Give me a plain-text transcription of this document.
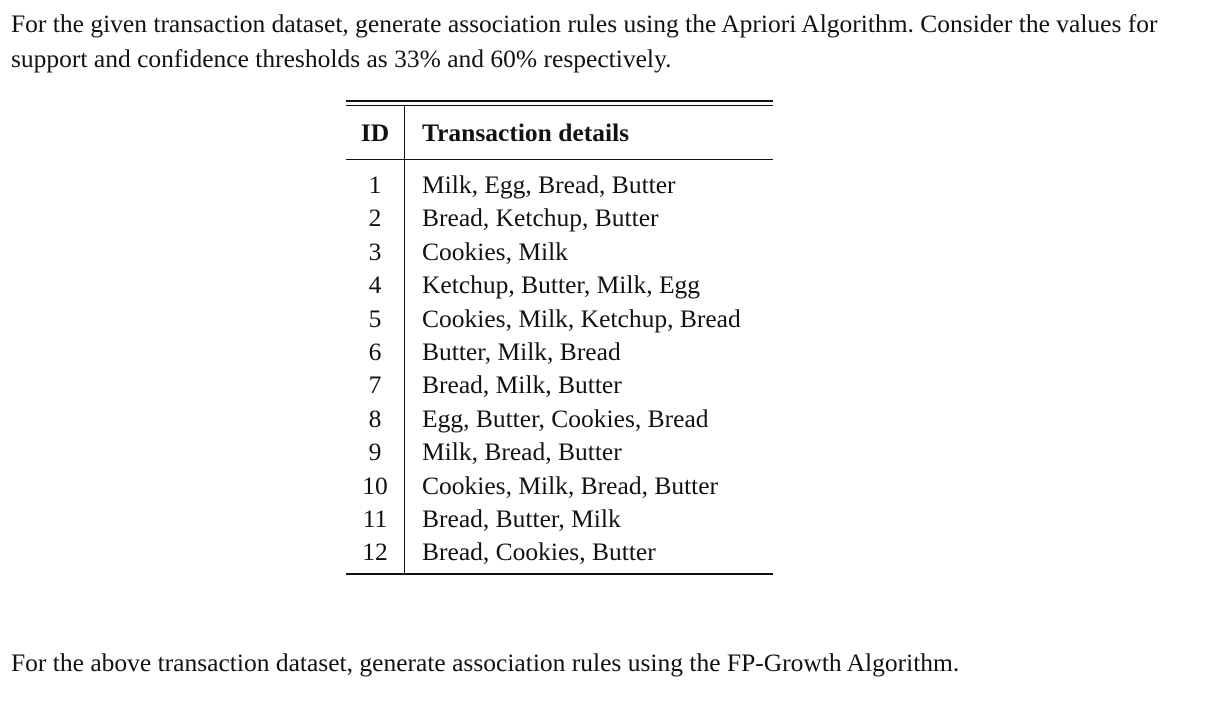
For the given transaction dataset, generate association rules using the Apriori Algorithm. Consider the values for support and confidence thresholds as 33% and 60% respectively.

ID	Transaction details
1	Milk, Egg, Bread, Butter
2	Bread, Ketchup, Butter
3	Cookies, Milk
4	Ketchup, Butter, Milk, Egg
5	Cookies, Milk, Ketchup, Bread
6	Butter, Milk, Bread
7	Bread, Milk, Butter
8	Egg, Butter, Cookies, Bread
9	Milk, Bread, Butter
10	Cookies, Milk, Bread, Butter
11	Bread, Butter, Milk
12	Bread, Cookies, Butter

For the above transaction dataset, generate association rules using the FP-Growth Algorithm.
